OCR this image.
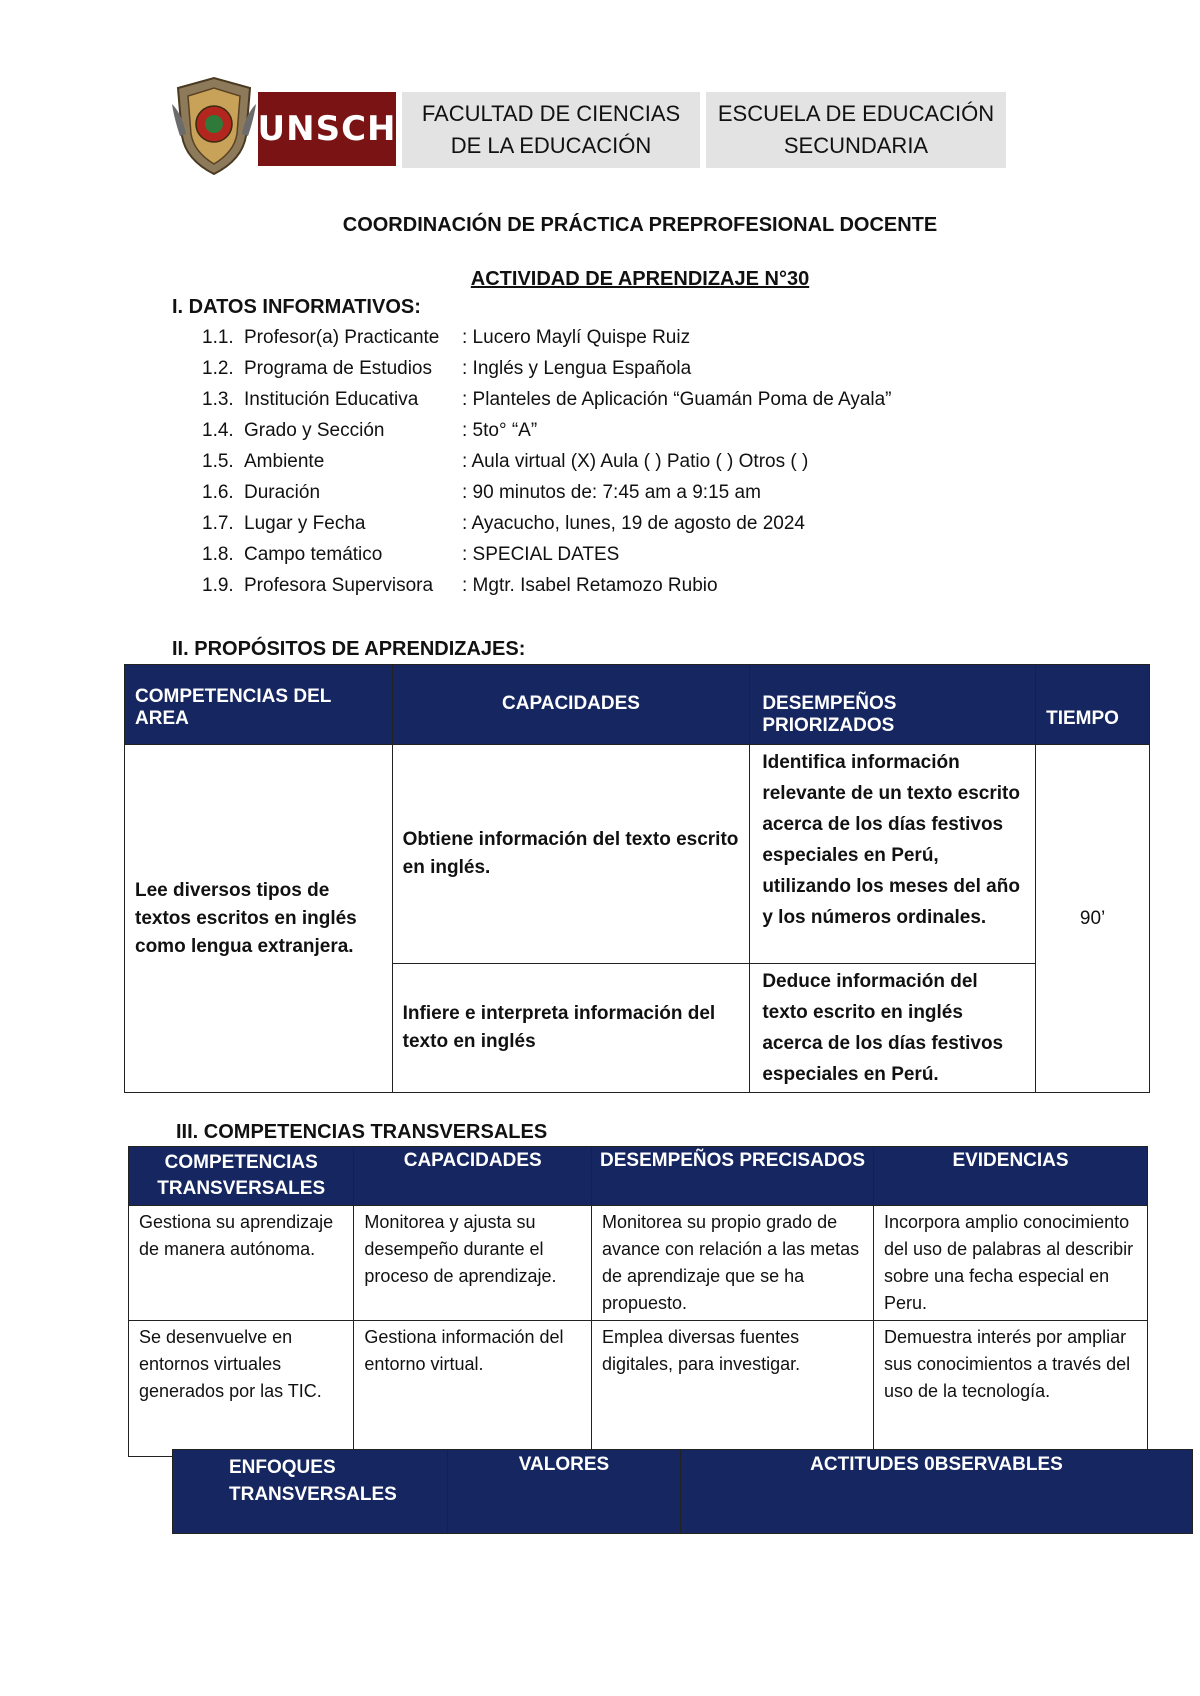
UNSCH FACULTAD DE CIENCIAS
DE LA EDUCACIÓN
ESCUELA DE EDUCACIÓN
SECUNDARIA
COORDINACIÓN DE PRÁCTICA PREPROFESIONAL DOCENTE
ACTIVIDAD DE APRENDIZAJE N°30
I. DATOS INFORMATIVOS:
1.1. Profesor(a) Practicante	: Lucero Maylí Quispe Ruiz
1.2. Programa de Estudios	: Inglés y Lengua Española
1.3. Institución Educativa	: Planteles de Aplicación “Guamán Poma de Ayala”
1.4. Grado y Sección	: 5to° “A”
1.5. Ambiente	: Aula virtual (X) Aula ( ) Patio ( ) Otros ( )
1.6. Duración	: 90 minutos de: 7:45 am a 9:15 am
1.7. Lugar y Fecha	: Ayacucho, lunes, 19 de agosto de 2024
1.8. Campo temático	: SPECIAL DATES
1.9. Profesora Supervisora	: Mgtr. Isabel Retamozo Rubio
II. PROPÓSITOS DE APRENDIZAJES:
COMPETENCIAS DEL AREA	CAPACIDADES	DESEMPEÑOS PRIORIZADOS	TIEMPO
Lee diversos tipos de textos escritos en inglés como lengua extranjera.	Obtiene información del texto escrito en inglés.	Identifica información relevante de un texto escrito acerca de los días festivos especiales en Perú, utilizando los meses del año y los números ordinales.	90’
	Infiere e interpreta información del texto en inglés	Deduce información del texto escrito en inglés acerca de los días festivos especiales en Perú.	
III. COMPETENCIAS TRANSVERSALES
COMPETENCIAS TRANSVERSALES	CAPACIDADES	DESEMPEÑOS PRECISADOS	EVIDENCIAS
Gestiona su aprendizaje de manera autónoma.	Monitorea y ajusta su desempeño durante el proceso de aprendizaje.	Monitorea su propio grado de avance con relación a las metas de aprendizaje que se ha propuesto.	Incorpora amplio conocimiento del uso de palabras al describir sobre una fecha especial en Peru.
Se desenvuelve en entornos virtuales generados por las TIC.	Gestiona información del entorno virtual.	Emplea diversas fuentes digitales, para investigar.	Demuestra interés por ampliar sus conocimientos a través del uso de la tecnología.
ENFOQUES TRANSVERSALES	VALORES	ACTITUDES 0BSERVABLES
